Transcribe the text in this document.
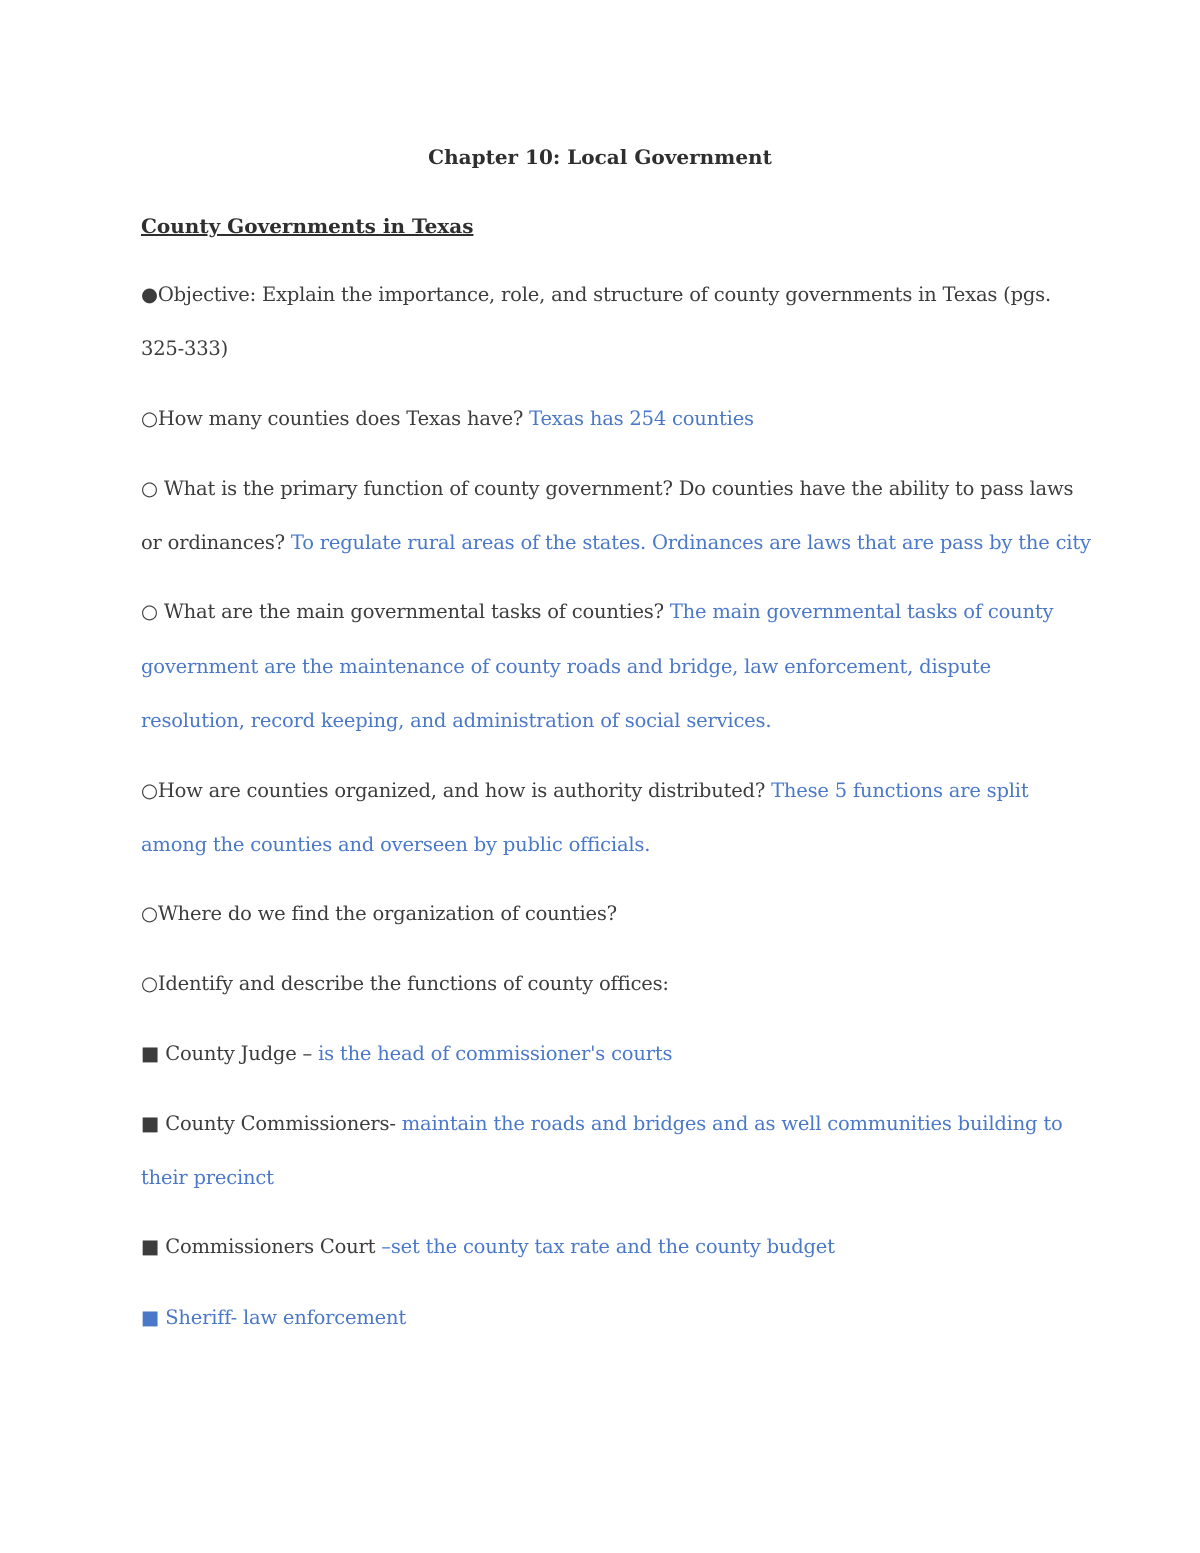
Chapter 10: Local Government
County Governments in Texas
●Objective: Explain the importance, role, and structure of county governments in Texas (pgs.
325-333)
○How many counties does Texas have? Texas has 254 counties
○ What is the primary function of county government? Do counties have the ability to pass laws
or ordinances? To regulate rural areas of the states. Ordinances are laws that are pass by the city
○ What are the main governmental tasks of counties? The main governmental tasks of county
government are the maintenance of county roads and bridge, law enforcement, dispute
resolution, record keeping, and administration of social services.
○How are counties organized, and how is authority distributed? These 5 functions are split
among the counties and overseen by public officials.
○Where do we find the organization of counties?
○Identify and describe the functions of county offices:
■ County Judge – is the head of commissioner's courts
■ County Commissioners- maintain the roads and bridges and as well communities building to
their precinct
■ Commissioners Court –set the county tax rate and the county budget
■ Sheriff- law enforcement
